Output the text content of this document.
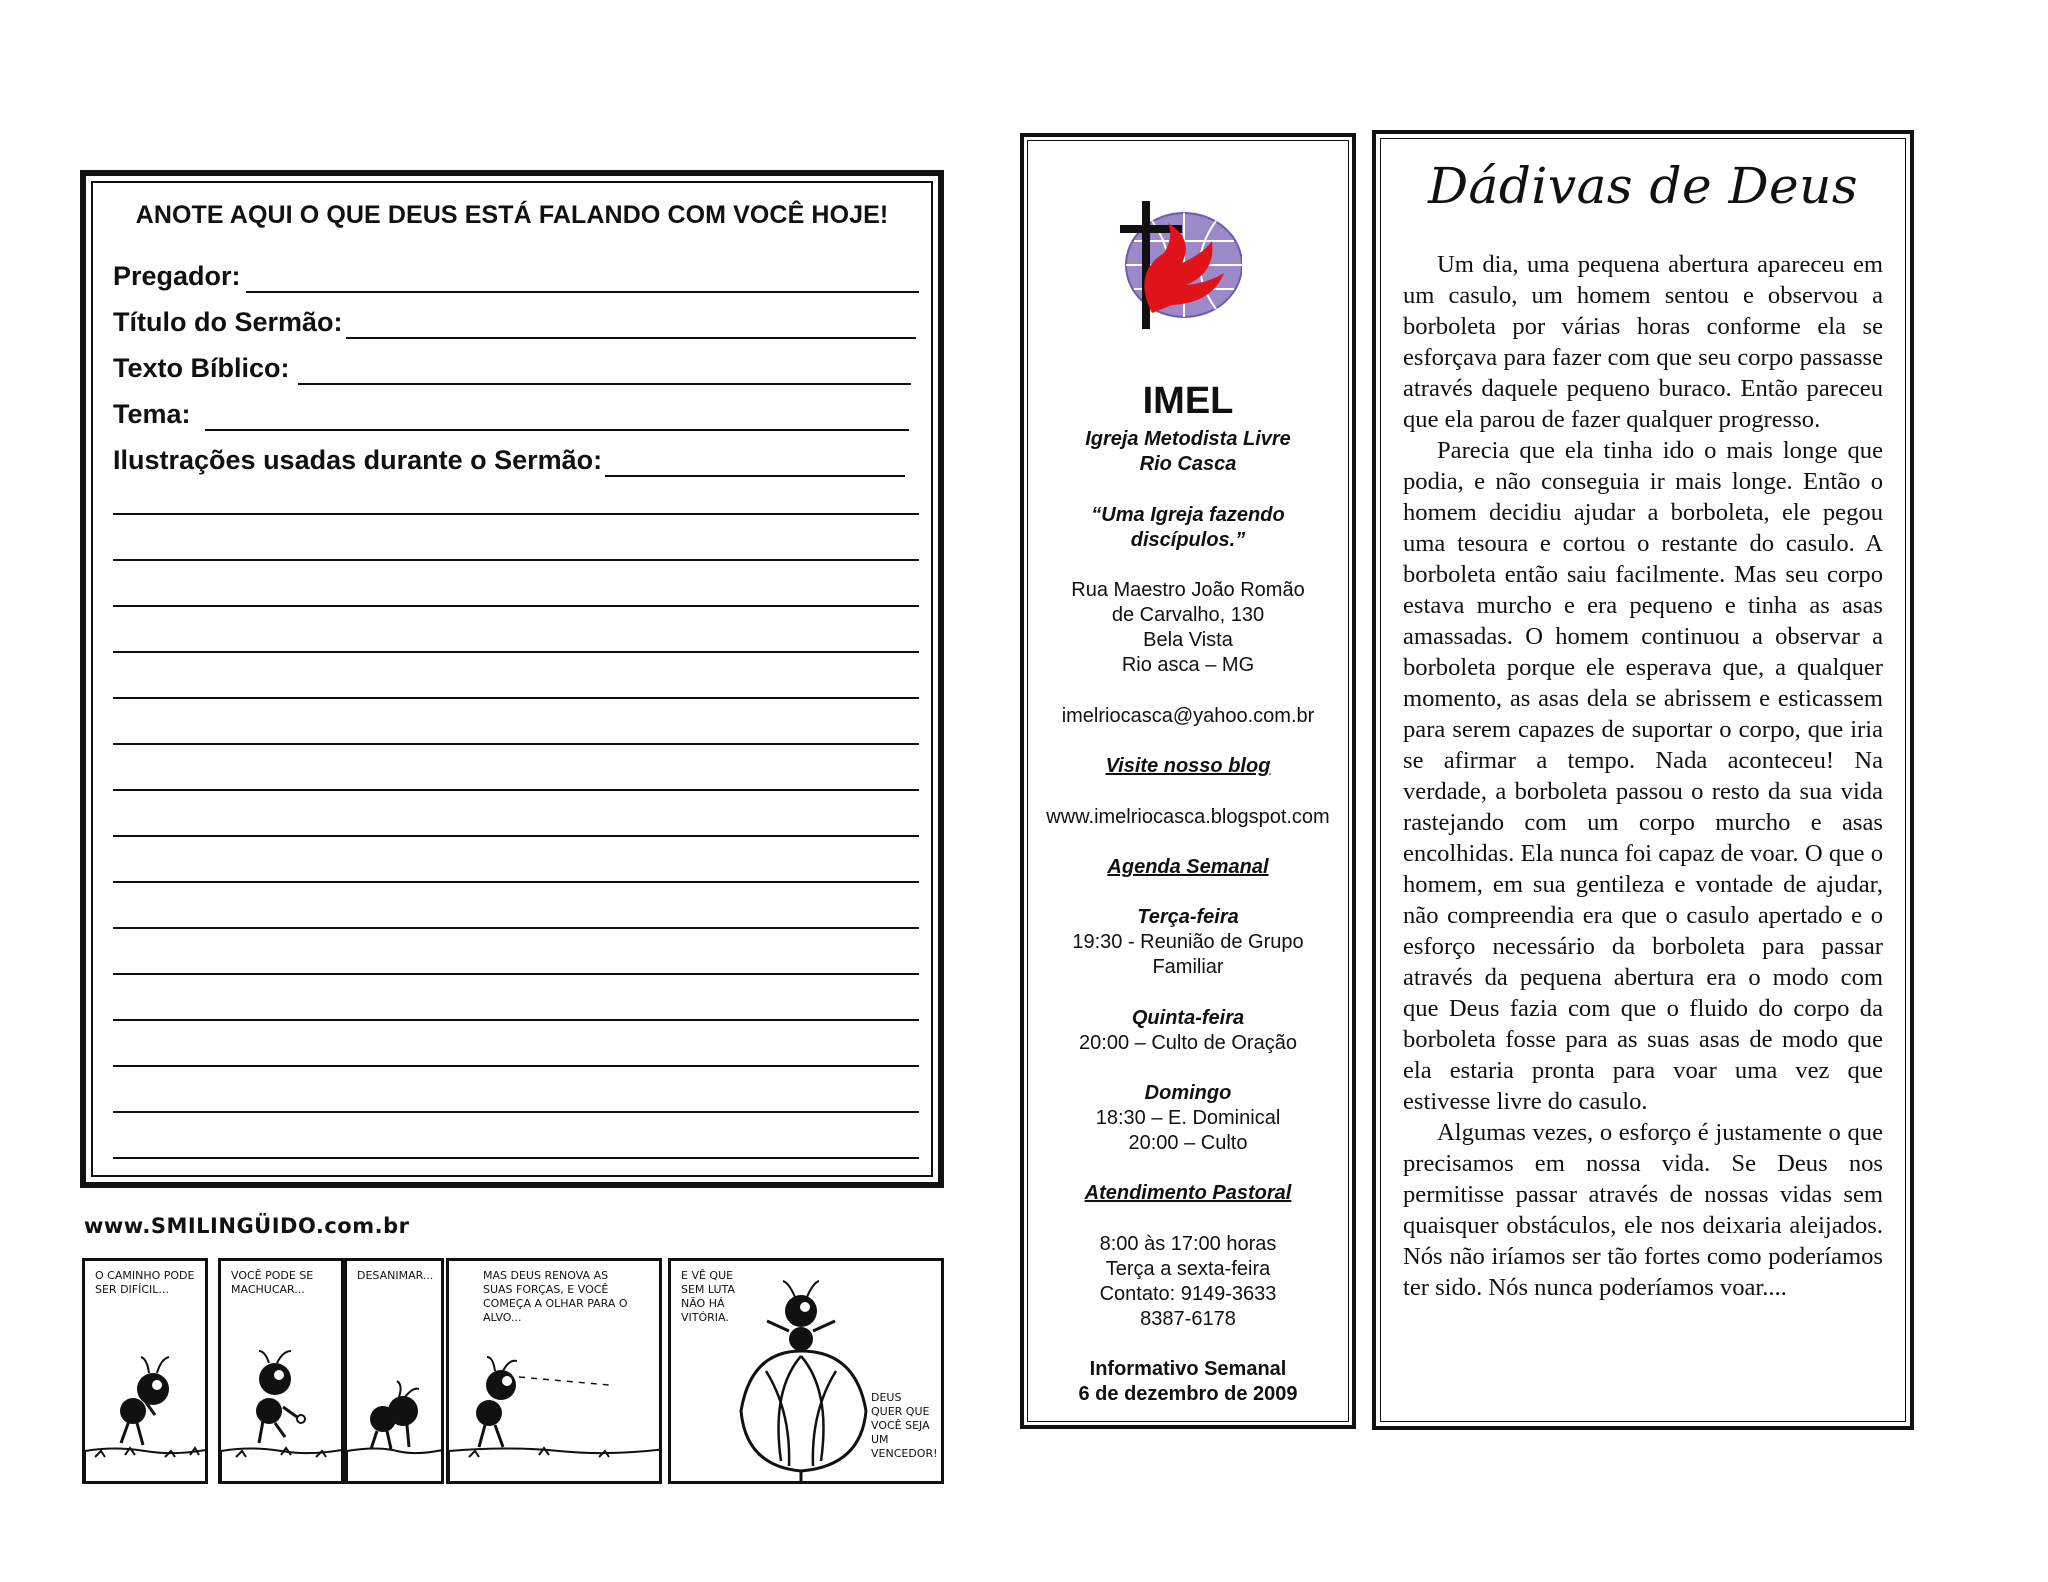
ANOTE AQUI O QUE DEUS ESTÁ FALANDO COM VOCÊ HOJE!
Pregador:
Título do Sermão:
Texto Bíblico:
Tema:
Ilustrações usadas durante o Sermão:
www.SMILINGÜIDO.com.br
O CAMINHO PODE SER DIFÍCIL...
VOCÊ PODE SE MACHUCAR...
DESANIMAR...	MAS DEUS RENOVA AS SUAS FORÇAS, E VOCÊ COMEÇA A OLHAR PARA O ALVO...
E VÊ QUE SEM LUTA NÃO HÁ VITÓRIA.
DEUS QUER QUE VOCÊ SEJA UM VENCEDOR!
IMEL
Igreja Metodista Livre
Rio Casca
“Uma Igreja fazendo
discípulos.”
Rua Maestro João Romão
de Carvalho, 130
Bela Vista
Rio asca – MG
imelriocasca@yahoo.com.br
Visite nosso blog
www.imelriocasca.blogspot.com
Agenda Semanal
Terça-feira
19:30 - Reunião de Grupo
Familiar
Quinta-feira
20:00 – Culto de Oração
Domingo
18:30 – E. Dominical
20:00 – Culto
Atendimento Pastoral
8:00 às 17:00 horas
Terça a sexta-feira
Contato: 9149-3633
8387-6178
Informativo Semanal
6 de dezembro de 2009
Dádivas de Deus

Um dia, uma pequena abertura apareceu em um casulo, um homem sentou e observou a borboleta por várias horas conforme ela se esforçava para fazer com que seu corpo passasse através daquele pequeno buraco. Então pareceu que ela parou de fazer qualquer progresso.

Parecia que ela tinha ido o mais longe que podia, e não conseguia ir mais longe. Então o homem decidiu ajudar a borboleta, ele pegou uma tesoura e cortou o restante do casulo. A borboleta então saiu facilmente. Mas seu corpo estava murcho e era pequeno e tinha as asas amassadas. O homem continuou a observar a borboleta porque ele esperava que, a qualquer momento, as asas dela se abrissem e esticassem para serem capazes de suportar o corpo, que iria se afirmar a tempo. Nada aconteceu! Na verdade, a borboleta passou o resto da sua vida rastejando com um corpo murcho e asas encolhidas. Ela nunca foi capaz de voar. O que o homem, em sua gentileza e vontade de ajudar, não compreendia era que o casulo apertado e o esforço necessário da borboleta para passar através da pequena abertura era o modo com que Deus fazia com que o fluido do corpo da borboleta fosse para as suas asas de modo que ela estaria pronta para voar uma vez que estivesse livre do casulo.

Algumas vezes, o esforço é justamente o que precisamos em nossa vida. Se Deus nos permitisse passar através de nossas vidas sem quaisquer obstáculos, ele nos deixaria aleijados. Nós não iríamos ser tão fortes como poderíamos ter sido. Nós nunca poderíamos voar....
